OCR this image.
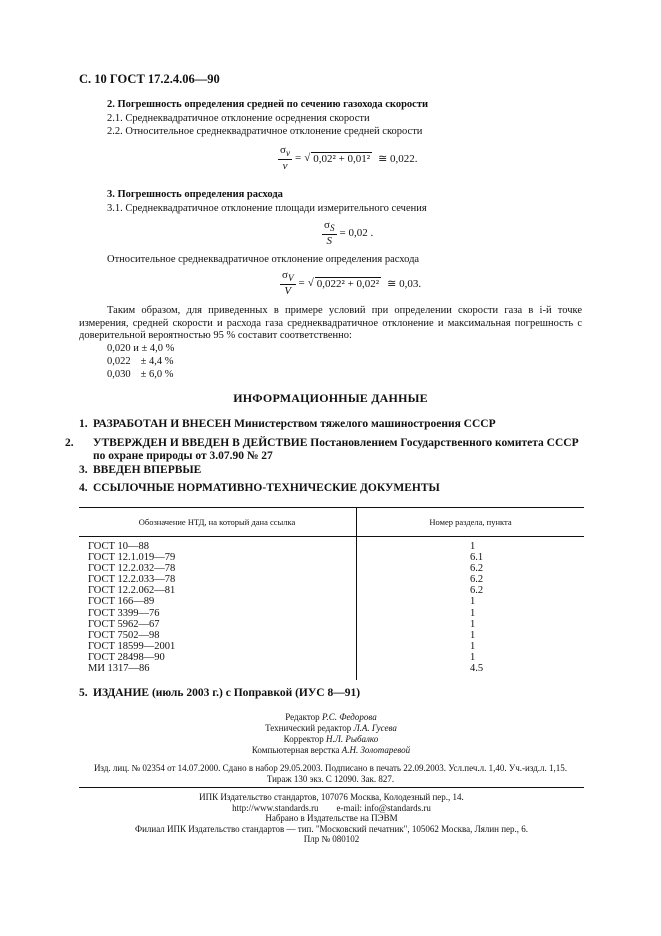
С. 10 ГОСТ 17.2.4.06—90
2. Погрешность определения средней по сечению газохода скорости
2.1. Среднеквадратичное отклонение осреднения скорости
2.2. Относительное среднеквадратичное отклонение средней скорости
$\frac{\sigma_v}{v}$ = √ 0,02² + 0,01² ≅ 0,022.
3. Погрешность определения расхода
3.1. Среднеквадратичное отклонение площади измерительного сечения
$\frac{\sigma_S}{S} = 0,02$ .
Относительное среднеквадратичное отклонение определения расхода
$\frac{\sigma_V}{V}$ = √ 0,022² + 0,02² ≅ 0,03.
Таким образом, для приведенных в примере условий при определении скорости газа в i-й точке измерения, средней скорости и расхода газа среднеквадратичное отклонение и максимальная погрешность с доверительной вероятностью 95 % составит соответственно:
0,020 и ± 4,0 %
0,022 ± 4,4 %
0,030 ± 6,0 %
ИНФОРМАЦИОННЫЕ ДАННЫЕ
1. РАЗРАБОТАН И ВНЕСЕН Министерством тяжелого машиностроения СССР
2. УТВЕРЖДЕН И ВВЕДЕН В ДЕЙСТВИЕ Постановлением Государственного комитета СССР по охране природы от 3.07.90 № 27
3. ВВЕДЕН ВПЕРВЫЕ
4. ССЫЛОЧНЫЕ НОРМАТИВНО-ТЕХНИЧЕСКИЕ ДОКУМЕНТЫ
Обозначение НТД, на который дана ссылка	Номер раздела, пункта
ГОСТ 10—88	1
ГОСТ 12.1.019—79	6.1
ГОСТ 12.2.032—78	6.2
ГОСТ 12.2.033—78	6.2
ГОСТ 12.2.062—81	6.2
ГОСТ 166—89	1
ГОСТ 3399—76	1
ГОСТ 5962—67	1
ГОСТ 7502—98	1
ГОСТ 18599—2001	1
ГОСТ 28498—90	1
МИ 1317—86	4.5
5. ИЗДАНИЕ (июль 2003 г.) с Поправкой (ИУС 8—91)
Редактор Р.С. Федорова
Технический редактор Л.А. Гусева
Корректор Н.Л. Рыбалко
Компьютерная верстка А.Н. Золотаревой
Изд. лиц. № 02354 от 14.07.2000. Сдано в набор 29.05.2003. Подписано в печать 22.09.2003. Усл.печ.л. 1,40. Уч.-изд.л. 1,15.
Тираж 130 экз. С 12090. Зак. 827.
ИПК Издательство стандартов, 107076 Москва, Колодезный пер., 14.
http://www.standards.ru        e-mail: info@standards.ru
Набрано в Издательстве на ПЭВМ
Филиал ИПК Издательство стандартов — тип. "Московский печатник", 105062 Москва, Лялин пер., 6.
Плр № 080102
